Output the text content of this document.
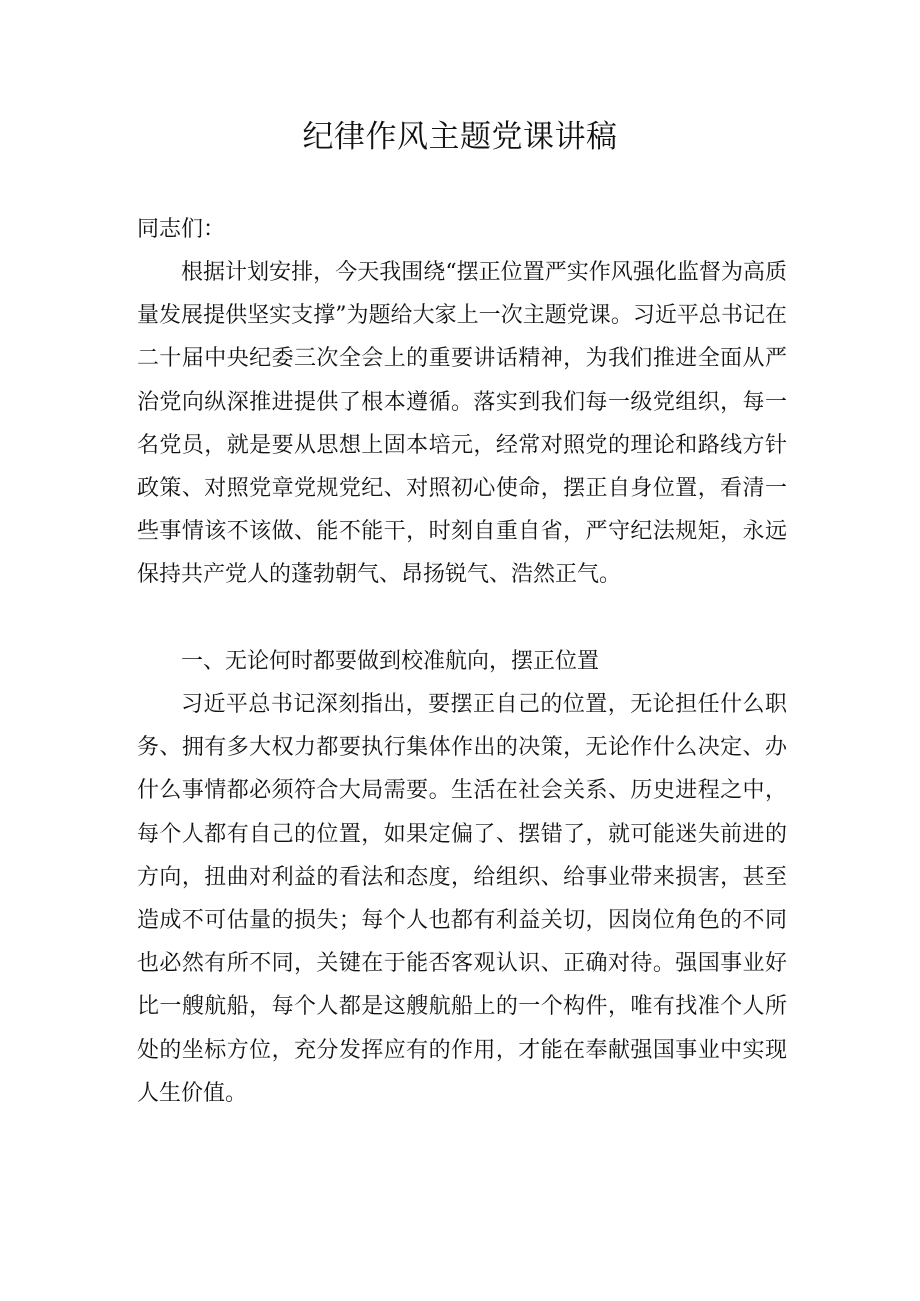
纪律作风主题党课讲稿

同志们：

根据计划安排，今天我围绕“摆正位置严实作风强化监督为高质量发展提供坚实支撑”为题给大家上一次主题党课。习近平总书记在二十届中央纪委三次全会上的重要讲话精神，为我们推进全面从严治党向纵深推进提供了根本遵循。落实到我们每一级党组织，每一名党员，就是要从思想上固本培元，经常对照党的理论和路线方针政策、对照党章党规党纪、对照初心使命，摆正自身位置，看清一些事情该不该做、能不能干，时刻自重自省，严守纪法规矩，永远保持共产党人的蓬勃朝气、昂扬锐气、浩然正气。

一、无论何时都要做到校准航向，摆正位置

习近平总书记深刻指出，要摆正自己的位置，无论担任什么职务、拥有多大权力都要执行集体作出的决策，无论作什么决定、办什么事情都必须符合大局需要。生活在社会关系、历史进程之中，每个人都有自己的位置，如果定偏了、摆错了，就可能迷失前进的方向，扭曲对利益的看法和态度，给组织、给事业带来损害，甚至造成不可估量的损失；每个人也都有利益关切，因岗位角色的不同也必然有所不同，关键在于能否客观认识、正确对待。强国事业好比一艘航船，每个人都是这艘航船上的一个构件，唯有找准个人所处的坐标方位，充分发挥应有的作用，才能在奉献强国事业中实现人生价值。
